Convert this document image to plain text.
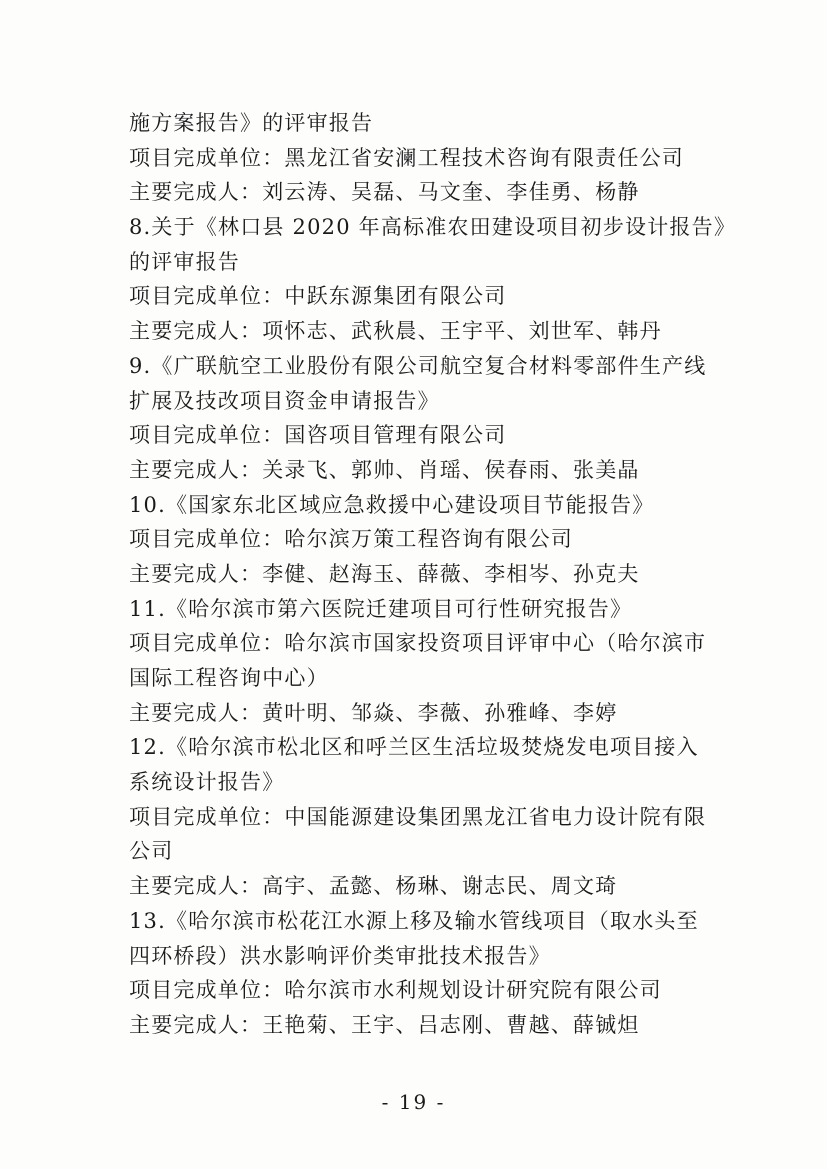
施方案报告》的评审报告
项目完成单位：黑龙江省安澜工程技术咨询有限责任公司
主要完成人：刘云涛、吴磊、马文奎、李佳勇、杨静
8.关于《林口县 2020 年高标准农田建设项目初步设计报告》
的评审报告
项目完成单位：中跃东源集团有限公司
主要完成人：项怀志、武秋晨、王宇平、刘世军、韩丹
9.《广联航空工业股份有限公司航空复合材料零部件生产线
扩展及技改项目资金申请报告》
项目完成单位：国咨项目管理有限公司
主要完成人：关录飞、郭帅、肖瑶、侯春雨、张美晶
10.《国家东北区域应急救援中心建设项目节能报告》
项目完成单位：哈尔滨万策工程咨询有限公司
主要完成人：李健、赵海玉、薛薇、李相岑、孙克夫
11.《哈尔滨市第六医院迁建项目可行性研究报告》
项目完成单位：哈尔滨市国家投资项目评审中心（哈尔滨市
国际工程咨询中心）
主要完成人：黄叶明、邹焱、李薇、孙雅峰、李婷
12.《哈尔滨市松北区和呼兰区生活垃圾焚烧发电项目接入
系统设计报告》
项目完成单位：中国能源建设集团黑龙江省电力设计院有限
公司
主要完成人：高宇、孟懿、杨琳、谢志民、周文琦
13.《哈尔滨市松花江水源上移及输水管线项目（取水头至
四环桥段）洪水影响评价类审批技术报告》
项目完成单位：哈尔滨市水利规划设计研究院有限公司
主要完成人：王艳菊、王宇、吕志刚、曹越、薛铖炟
- 19 -
